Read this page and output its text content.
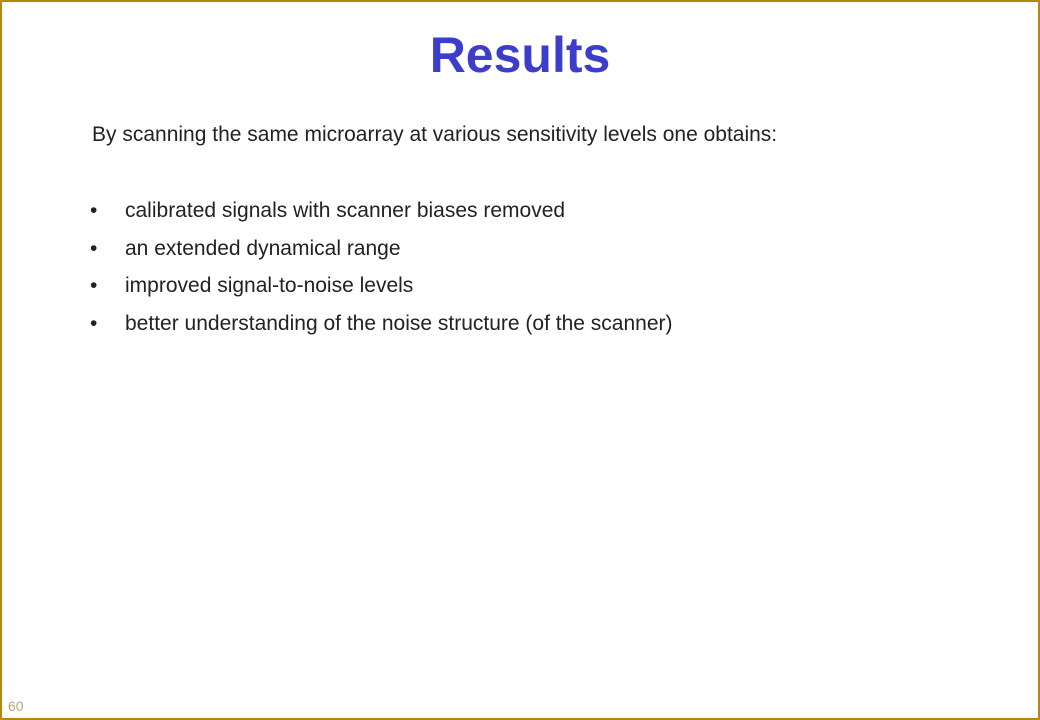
Results
By scanning the same microarray at various sensitivity levels one obtains:
•	calibrated signals with scanner biases removed
•	an extended dynamical range
•	improved signal-to-noise levels
•	better understanding of the noise structure (of the scanner)
60
